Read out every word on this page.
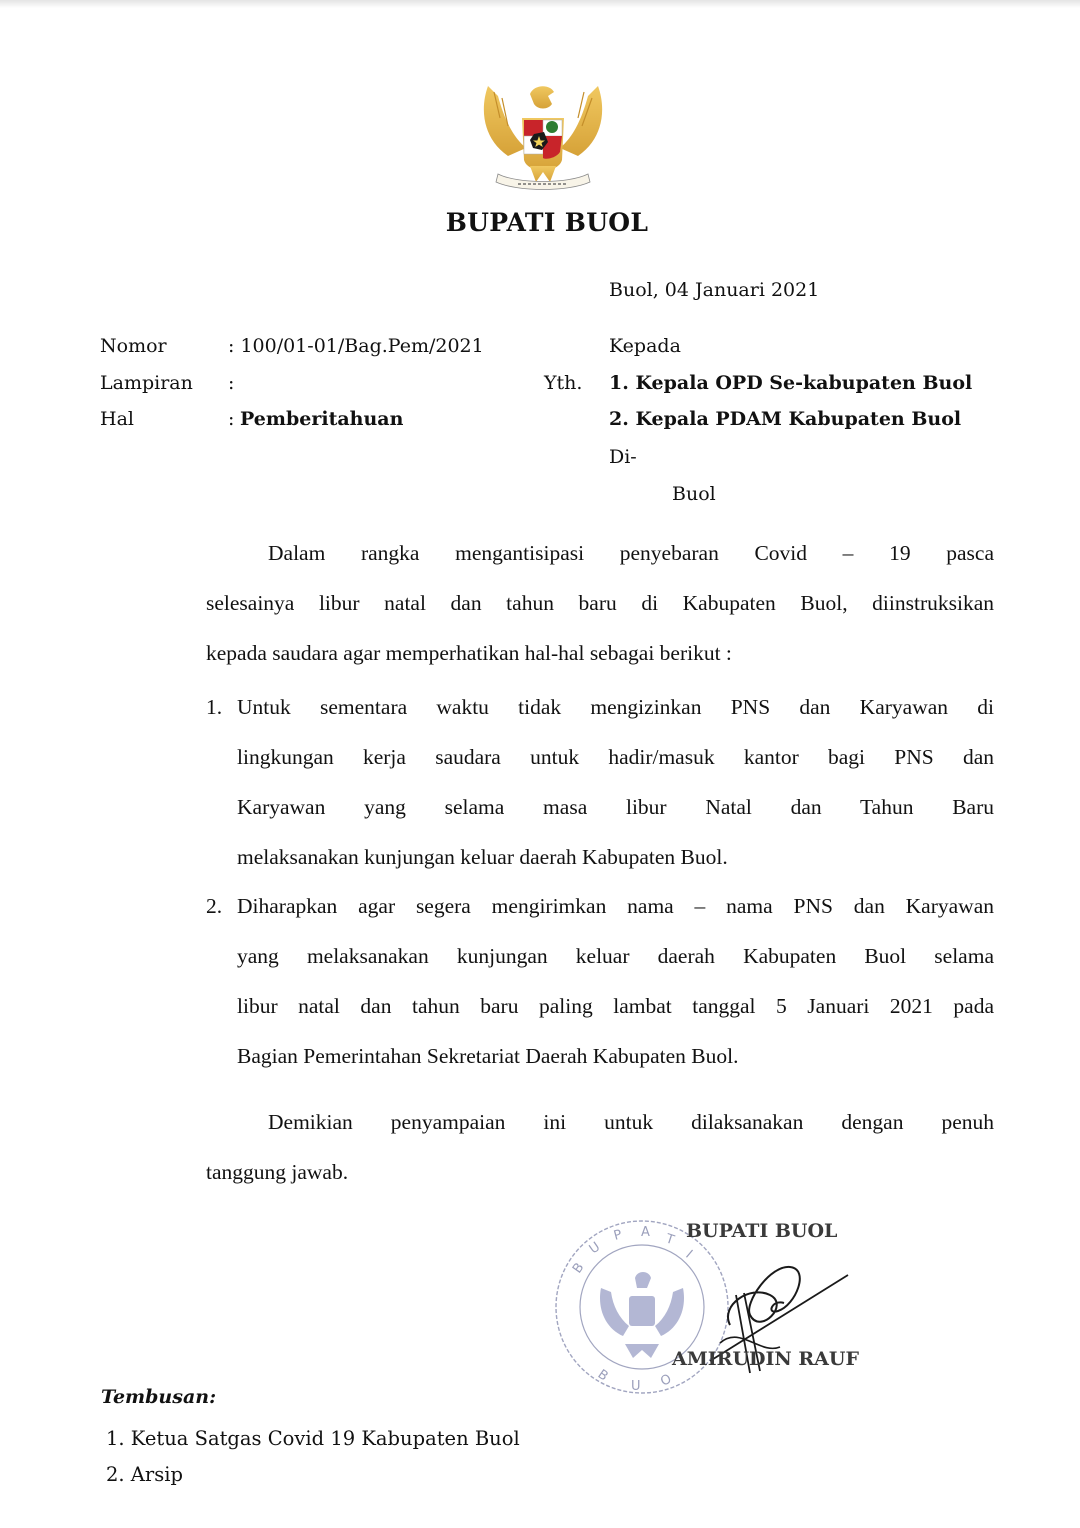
BUPATI BUOL
Buol, 04 Januari 2021
Nomor	: 100/01-01/Bag.Pem/2021
Lampiran :
Hal	: Pemberitahuan
Kepada
Yth. 1. Kepala OPD Se-kabupaten Buol
2. Kepala PDAM Kabupaten Buol
Di-
Buol
Dalam rangka mengantisipasi penyebaran Covid – 19 pasca
selesainya libur natal dan tahun baru di Kabupaten Buol, diinstruksikan
kepada saudara agar memperhatikan hal-hal sebagai berikut :
1. Untuk sementara waktu tidak mengizinkan PNS dan Karyawan di
lingkungan kerja saudara untuk hadir/masuk kantor bagi PNS dan
Karyawan yang selama masa libur Natal dan Tahun Baru
melaksanakan kunjungan keluar daerah Kabupaten Buol.
2. Diharapkan agar segera mengirimkan nama – nama PNS dan Karyawan
yang melaksanakan kunjungan keluar daerah Kabupaten Buol selama
libur natal dan tahun baru paling lambat tanggal 5 Januari 2021 pada
Bagian Pemerintahan Sekretariat Daerah Kabupaten Buol.
Demikian penyampaian ini untuk dilaksanakan dengan penuh
tanggung jawab.
B
U
P A T
I
B
U O
BUPATI BUOL
AMIRUDIN RAUF
Tembusan:
1. Ketua Satgas Covid 19 Kabupaten Buol
2. Arsip
